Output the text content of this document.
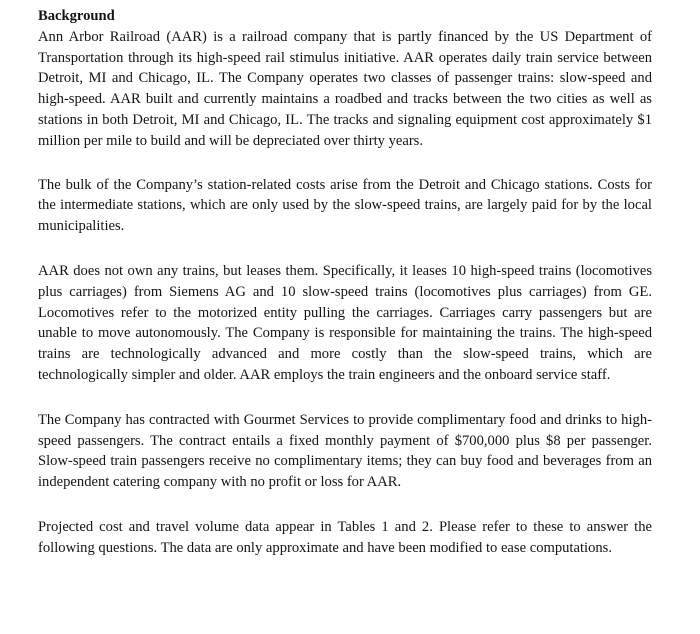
Background

Ann Arbor Railroad (AAR) is a railroad company that is partly financed by the US Department of Transportation through its high-speed rail stimulus initiative. AAR operates daily train service between Detroit, MI and Chicago, IL. The Company operates two classes of passenger trains: slow-speed and high-speed. AAR built and currently maintains a roadbed and tracks between the two cities as well as stations in both Detroit, MI and Chicago, IL. The tracks and signaling equipment cost approximately $1 million per mile to build and will be depreciated over thirty years.

The bulk of the Company’s station-related costs arise from the Detroit and Chicago stations. Costs for the intermediate stations, which are only used by the slow-speed trains, are largely paid for by the local municipalities.

AAR does not own any trains, but leases them. Specifically, it leases 10 high-speed trains (locomotives plus carriages) from Siemens AG and 10 slow-speed trains (locomotives plus carriages) from GE. Locomotives refer to the motorized entity pulling the carriages. Carriages carry passengers but are unable to move autonomously. The Company is responsible for maintaining the trains. The high-speed trains are technologically advanced and more costly than the slow-speed trains, which are technologically simpler and older. AAR employs the train engineers and the onboard service staff.

The Company has contracted with Gourmet Services to provide complimentary food and drinks to high-speed passengers. The contract entails a fixed monthly payment of $700,000 plus $8 per passenger. Slow-speed train passengers receive no complimentary items; they can buy food and beverages from an independent catering company with no profit or loss for AAR.

Projected cost and travel volume data appear in Tables 1 and 2. Please refer to these to answer the following questions. The data are only approximate and have been modified to ease computations.
